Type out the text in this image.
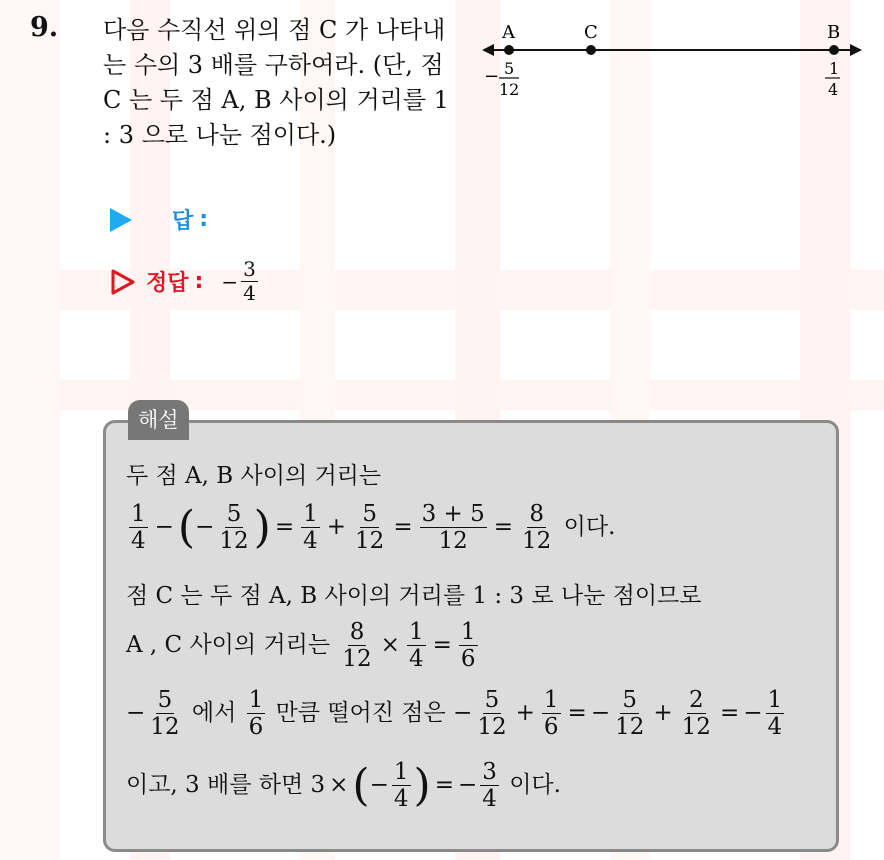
9. 다음 수직선 위의 점 C 가 나타내는 수의 3 배를 구하여라. (단, 점 C 는 두 점 A, B 사이의 거리를 1 : 3 으로 나눈 점이다.)

A	C	B
− 5
12
1
4
답 :
정답 : − $\frac{3}{4}$
해설
두 점 A, B 사이의 거리는
$\frac{1}{4}$ −(− $\frac{5}{12}$ ) = $\frac{1}{4} + \frac{5}{12} = \frac{3 + 5}{12} = \frac{8}{12}$ 이다.
점 C 는 두 점 A, B 사이의 거리를 1 : 3 로 나눈 점이므로
A , C 사이의 거리는 $\frac{8}{12} \times \frac{1}{4} = \frac{1}{6}$
− $\frac{5}{12}$ 에서 $\frac{1}{6}$ 만큼 떨어진 점은 − $\frac{5}{12} + \frac{1}{6}$ = − $\frac{5}{12} + \frac{2}{12}$ = − $\frac{1}{4}$
이고, 3 배를 하면 3 ×(− $\frac{1}{4}$ ) = − $\frac{3}{4}$ 이다.
